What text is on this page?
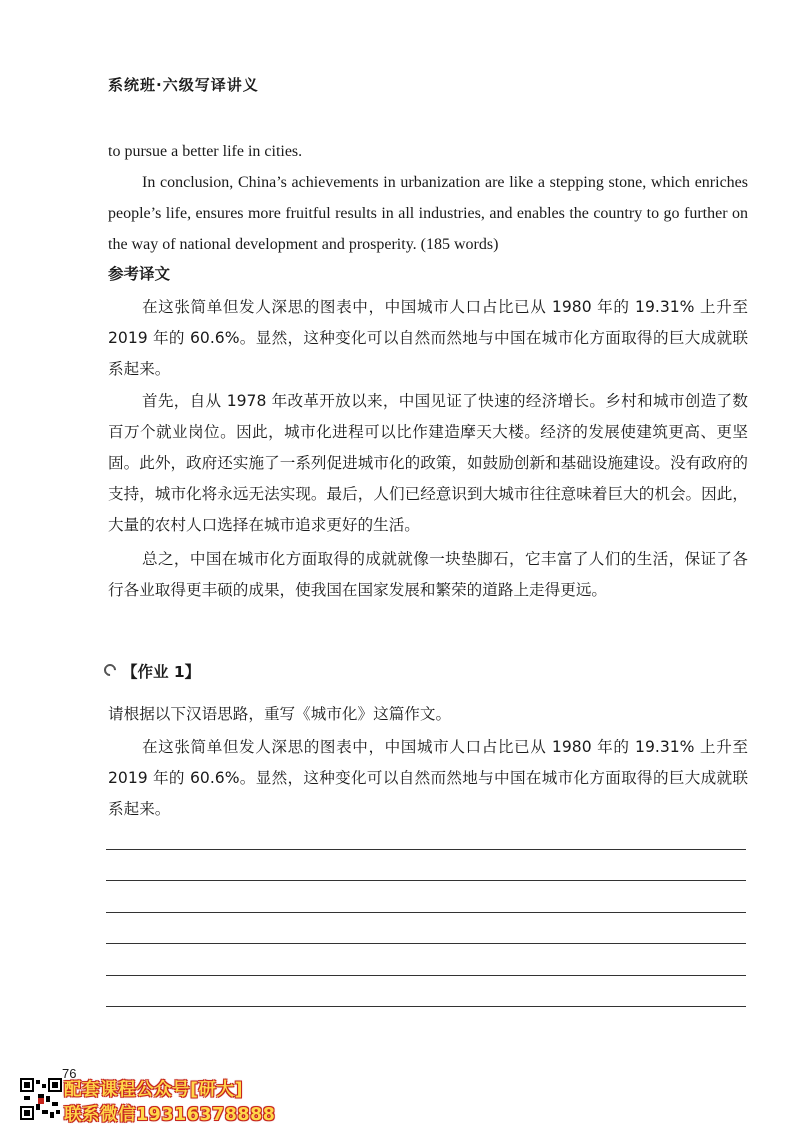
系统班·六级写译讲义
to pursue a better life in cities.
In conclusion, China’s achievements in urbanization are like a stepping stone, which enriches people’s life, ensures more fruitful results in all industries, and enables the country to go further on the way of national development and prosperity. (185 words)
参考译文
在这张简单但发人深思的图表中，中国城市人口占比已从 1980 年的 19.31% 上升至 2019 年的 60.6%。显然，这种变化可以自然而然地与中国在城市化方面取得的巨大成就联系起来。
首先，自从 1978 年改革开放以来，中国见证了快速的经济增长。乡村和城市创造了数百万个就业岗位。因此，城市化进程可以比作建造摩天大楼。经济的发展使建筑更高、更坚固。此外，政府还实施了一系列促进城市化的政策，如鼓励创新和基础设施建设。没有政府的支持，城市化将永远无法实现。最后，人们已经意识到大城市往往意味着巨大的机会。因此，大量的农村人口选择在城市追求更好的生活。
总之，中国在城市化方面取得的成就就像一块垫脚石，它丰富了人们的生活，保证了各行各业取得更丰硕的成果，使我国在国家发展和繁荣的道路上走得更远。
【作业 1】
请根据以下汉语思路，重写《城市化》这篇作文。
在这张简单但发人深思的图表中，中国城市人口占比已从 1980 年的 19.31% 上升至 2019 年的 60.6%。显然，这种变化可以自然而然地与中国在城市化方面取得的巨大成就联系起来。
76
配套课程公众号[研大]
联系微信19316378888
